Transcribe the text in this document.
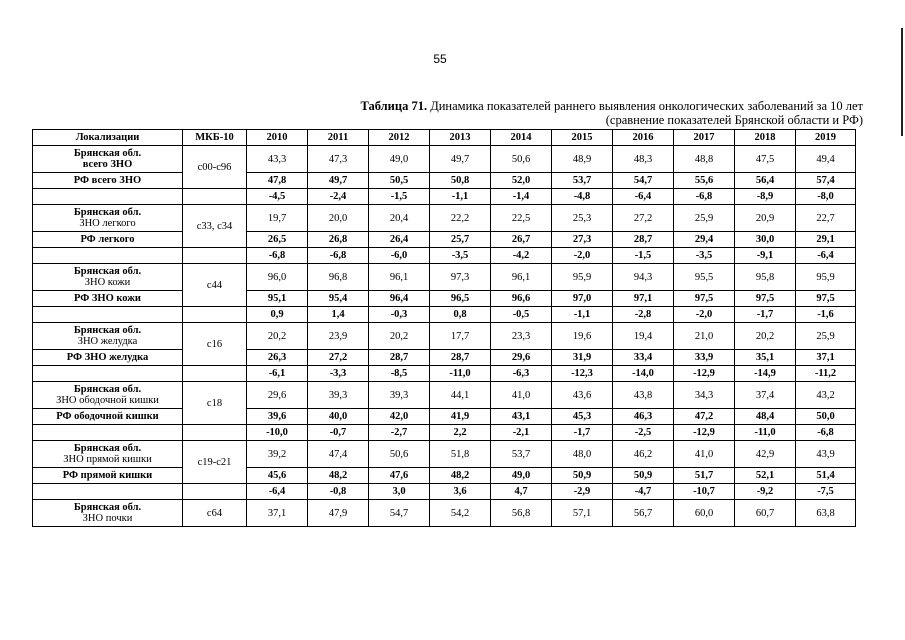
55
Таблица 71. Динамика показателей раннего выявления онкологических заболеваний за 10 лет
(сравнение показателей Брянской области и РФ)
Локализации	МКБ-10	2010	2011	2012	2013	2014	2015	2016	2017	2018	2019

Брянская обл.
всего ЗНО	с00-с96	43,3	47,3	49,0	49,7	50,6	48,9	48,3	48,8	47,5	49,4
РФ всего ЗНО		47,8	49,7	50,5	50,8	52,0	53,7	54,7	55,6	56,4	57,4
		-4,5	-2,4	-1,5	-1,1	-1,4	-4,8	-6,4	-6,8	-8,9	-8,0

Брянская обл.
ЗНО легкого	с33, с34	19,7	20,0	20,4	22,2	22,5	25,3	27,2	25,9	20,9	22,7
РФ легкого		26,5	26,8	26,4	25,7	26,7	27,3	28,7	29,4	30,0	29,1
		-6,8	-6,8	-6,0	-3,5	-4,2	-2,0	-1,5	-3,5	-9,1	-6,4

Брянская обл.
ЗНО кожи	с44	96,0	96,8	96,1	97,3	96,1	95,9	94,3	95,5	95,8	95,9
РФ ЗНО кожи		95,1	95,4	96,4	96,5	96,6	97,0	97,1	97,5	97,5	97,5
		0,9	1,4	-0,3	0,8	-0,5	-1,1	-2,8	-2,0	-1,7	-1,6

Брянская обл.
ЗНО желудка	с16	20,2	23,9	20,2	17,7	23,3	19,6	19,4	21,0	20,2	25,9
РФ ЗНО желудка		26,3	27,2	28,7	28,7	29,6	31,9	33,4	33,9	35,1	37,1
		-6,1	-3,3	-8,5	-11,0	-6,3	-12,3	-14,0	-12,9	-14,9	-11,2

Брянская обл.
ЗНО ободочной кишки	с18	29,6	39,3	39,3	44,1	41,0	43,6	43,8	34,3	37,4	43,2
РФ ободочной кишки		39,6	40,0	42,0	41,9	43,1	45,3	46,3	47,2	48,4	50,0
		-10,0	-0,7	-2,7	2,2	-2,1	-1,7	-2,5	-12,9	-11,0	-6,8

Брянская обл.
ЗНО прямой кишки	с19-с21	39,2	47,4	50,6	51,8	53,7	48,0	46,2	41,0	42,9	43,9
РФ прямой кишки		45,6	48,2	47,6	48,2	49,0	50,9	50,9	51,7	52,1	51,4
		-6,4	-0,8	3,0	3,6	4,7	-2,9	-4,7	-10,7	-9,2	-7,5

Брянская обл.
ЗНО почки	с64	37,1	47,9	54,7	54,2	56,8	57,1	56,7	60,0	60,7	63,8
